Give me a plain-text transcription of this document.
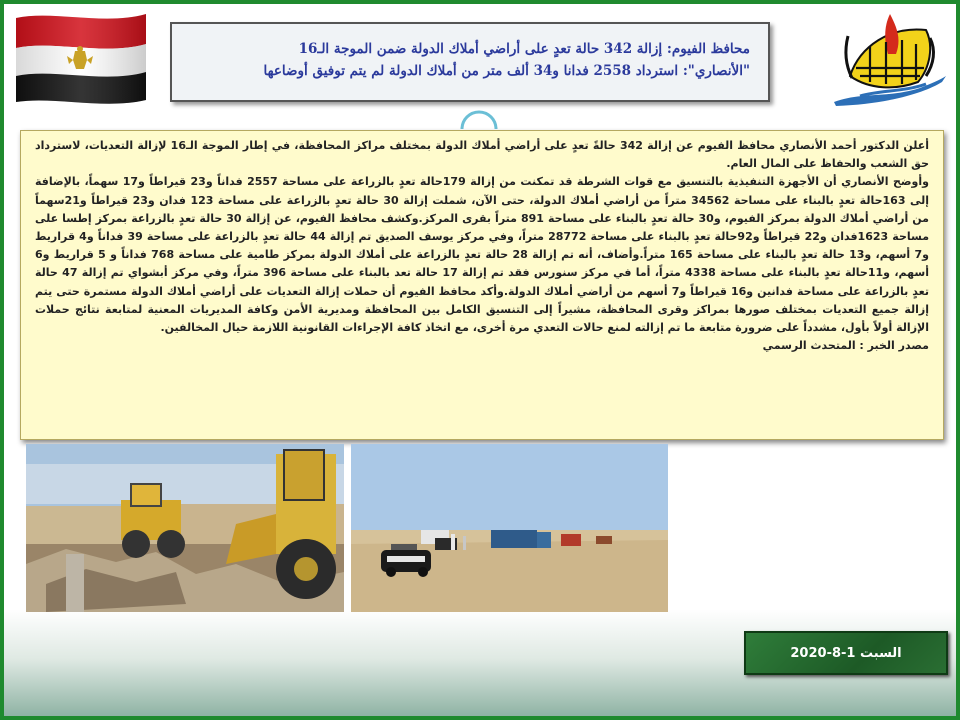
محافظ الفيوم: إزالة 342 حالة تعدٍ على أراضي أملاك الدولة ضمن الموجة الـ16
"الأنصاري": استرداد 2558 فدانا و34 ألف متر من أملاك الدولة لم يتم توفيق أوضاعها

أعلن الدكتور أحمد الأنصاري محافظ الفيوم عن إزالة 342 حالةً تعدٍ على أراضي أملاك الدولة بمختلف مراكز المحافظة، في إطار الموجة الـ16 لإزالة التعديات، لاسترداد حق الشعب والحفاظ على المال العام.

وأوضح الأنصاري أن الأجهزة التنفيذية بالتنسيق مع قوات الشرطة قد تمكنت من إزالة 179حالة تعدٍ بالزراعة على مساحة 2557 فداناً و23 قيراطاً و17 سهماً، بالإضافة إلى 163حالة تعدٍ بالبناء على مساحة 34562 متراً من أراضي أملاك الدولة، حتى الآن، شملت إزالة 30 حالة تعدٍ بالزراعة على مساحة 123 فدان و23 قيراطاً و21سهماً من أراضي أملاك الدولة بمركز الفيوم، و30 حالة تعدٍ بالبناء على مساحة 891 متراً بقرى المركز.وكشف محافظ الفيوم، عن إزالة 30 حالة تعدٍ بالزراعة بمركز إطسا على مساحة 1623فدان و22 قيراطاً و92حالة تعدٍ بالبناء على مساحة 28772 متراً، وفي مركز يوسف الصديق تم إزالة 44 حالة تعدٍ بالزراعة على مساحة 39 فداناً و4 قراريط و7 أسهم، و13 حالة تعدٍ بالبناء على مساحة 165 متراً.وأضاف، أنه تم إزالة 28 حالة تعدٍ بالزراعة على أملاك الدولة بمركز طامية على مساحة 768 فداناً و 5 قراريط و6 أسهم، و11حالة تعدٍ بالبناء على مساحة 4338 متراً، أما في مركز سنورس فقد تم إزالة 17 حالة تعد بالبناء على مساحة 396 متراً، وفي مركز أبشواي تم إزالة 47 حالة تعدٍ بالزراعة على مساحة فدانين و16 قيراطاً و7 أسهم من أراضي أملاك الدولة.وأكد محافظ الفيوم أن حملات إزالة التعديات على أراضي أملاك الدولة مستمرة حتى يتم إزالة جميع التعديات بمختلف صورها بمراكز وقرى المحافظة، مشيراً إلى التنسيق الكامل بين المحافظة ومديرية الأمن وكافة المديريات المعنية لمتابعة نتائج حملات الإزالة أولاً بأول، مشدداً على ضرورة متابعة ما تم إزالته لمنع حالات التعدي مرة أخرى، مع اتخاذ كافة الإجراءات القانونية اللازمة حيال المخالفين.

مصدر الخبر : المتحدث الرسمي

السبت 1-8-2020
